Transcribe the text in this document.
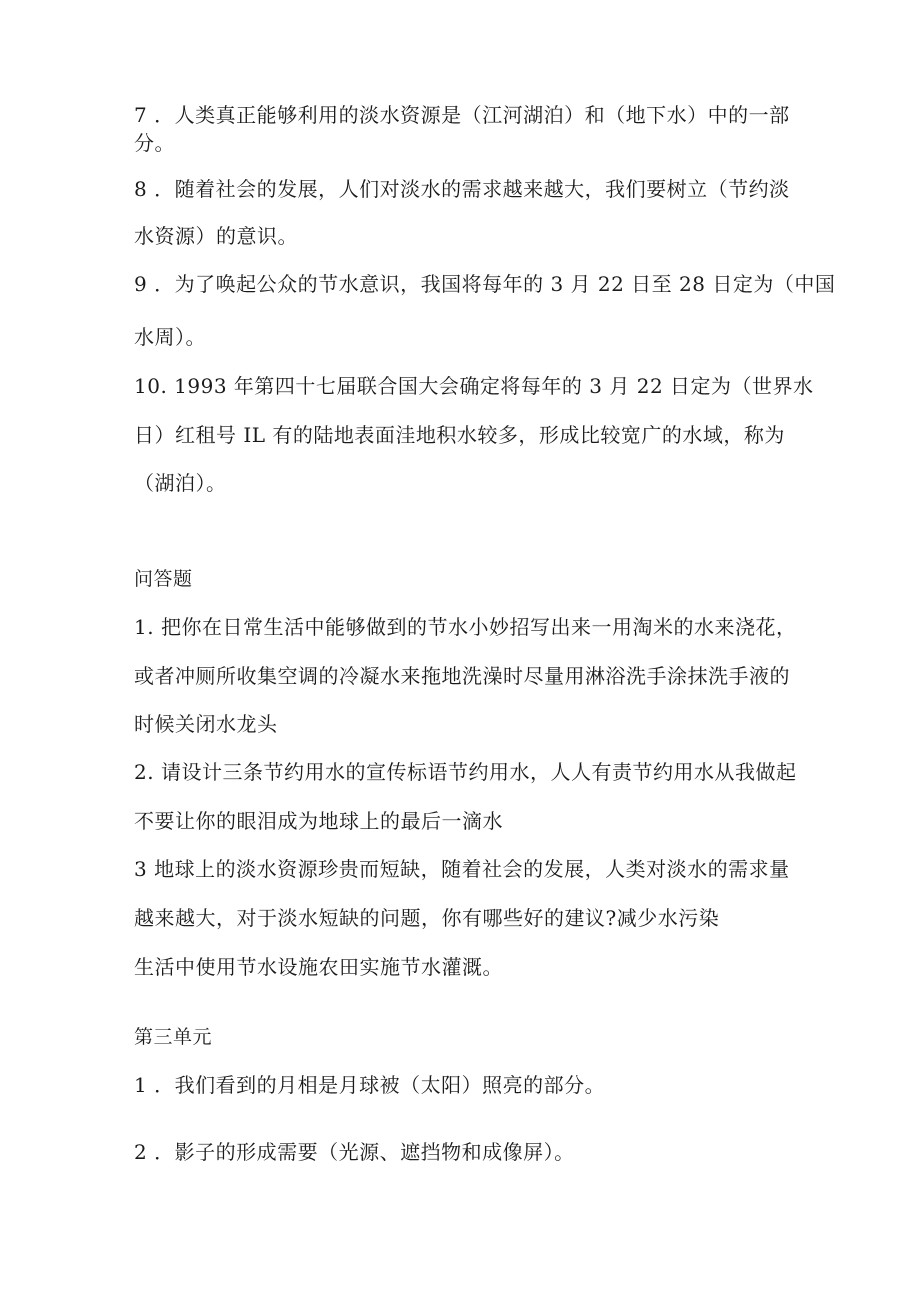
7 ．人类真正能够利用的淡水资源是（江河湖泊）和（地下水）中的一部
分。
8 ．随着社会的发展，人们对淡水的需求越来越大，我们要树立（节约淡
水资源）的意识。
9 ．为了唤起公众的节水意识，我国将每年的 3 月 22 日至 28 日定为（中国
水周）。
10. 1993 年第四十七届联合国大会确定将每年的 3 月 22 日定为（世界水
日）红租号 IL 有的陆地表面洼地积水较多，形成比较宽广的水域，称为
（湖泊）。
问答题
1. 把你在日常生活中能够做到的节水小妙招写出来一用淘米的水来浇花，
或者冲厕所收集空调的冷凝水来拖地洗澡时尽量用淋浴洗手涂抹洗手液的
时候关闭水龙头
2. 请设计三条节约用水的宣传标语节约用水，人人有责节约用水从我做起
不要让你的眼泪成为地球上的最后一滴水
3 地球上的淡水资源珍贵而短缺，随着社会的发展，人类对淡水的需求量
越来越大，对于淡水短缺的问题，你有哪些好的建议?减少水污染
生活中使用节水设施农田实施节水灌溉。
第三单元
1 ．我们看到的月相是月球被（太阳）照亮的部分。
2 ．影子的形成需要（光源、遮挡物和成像屏）。
